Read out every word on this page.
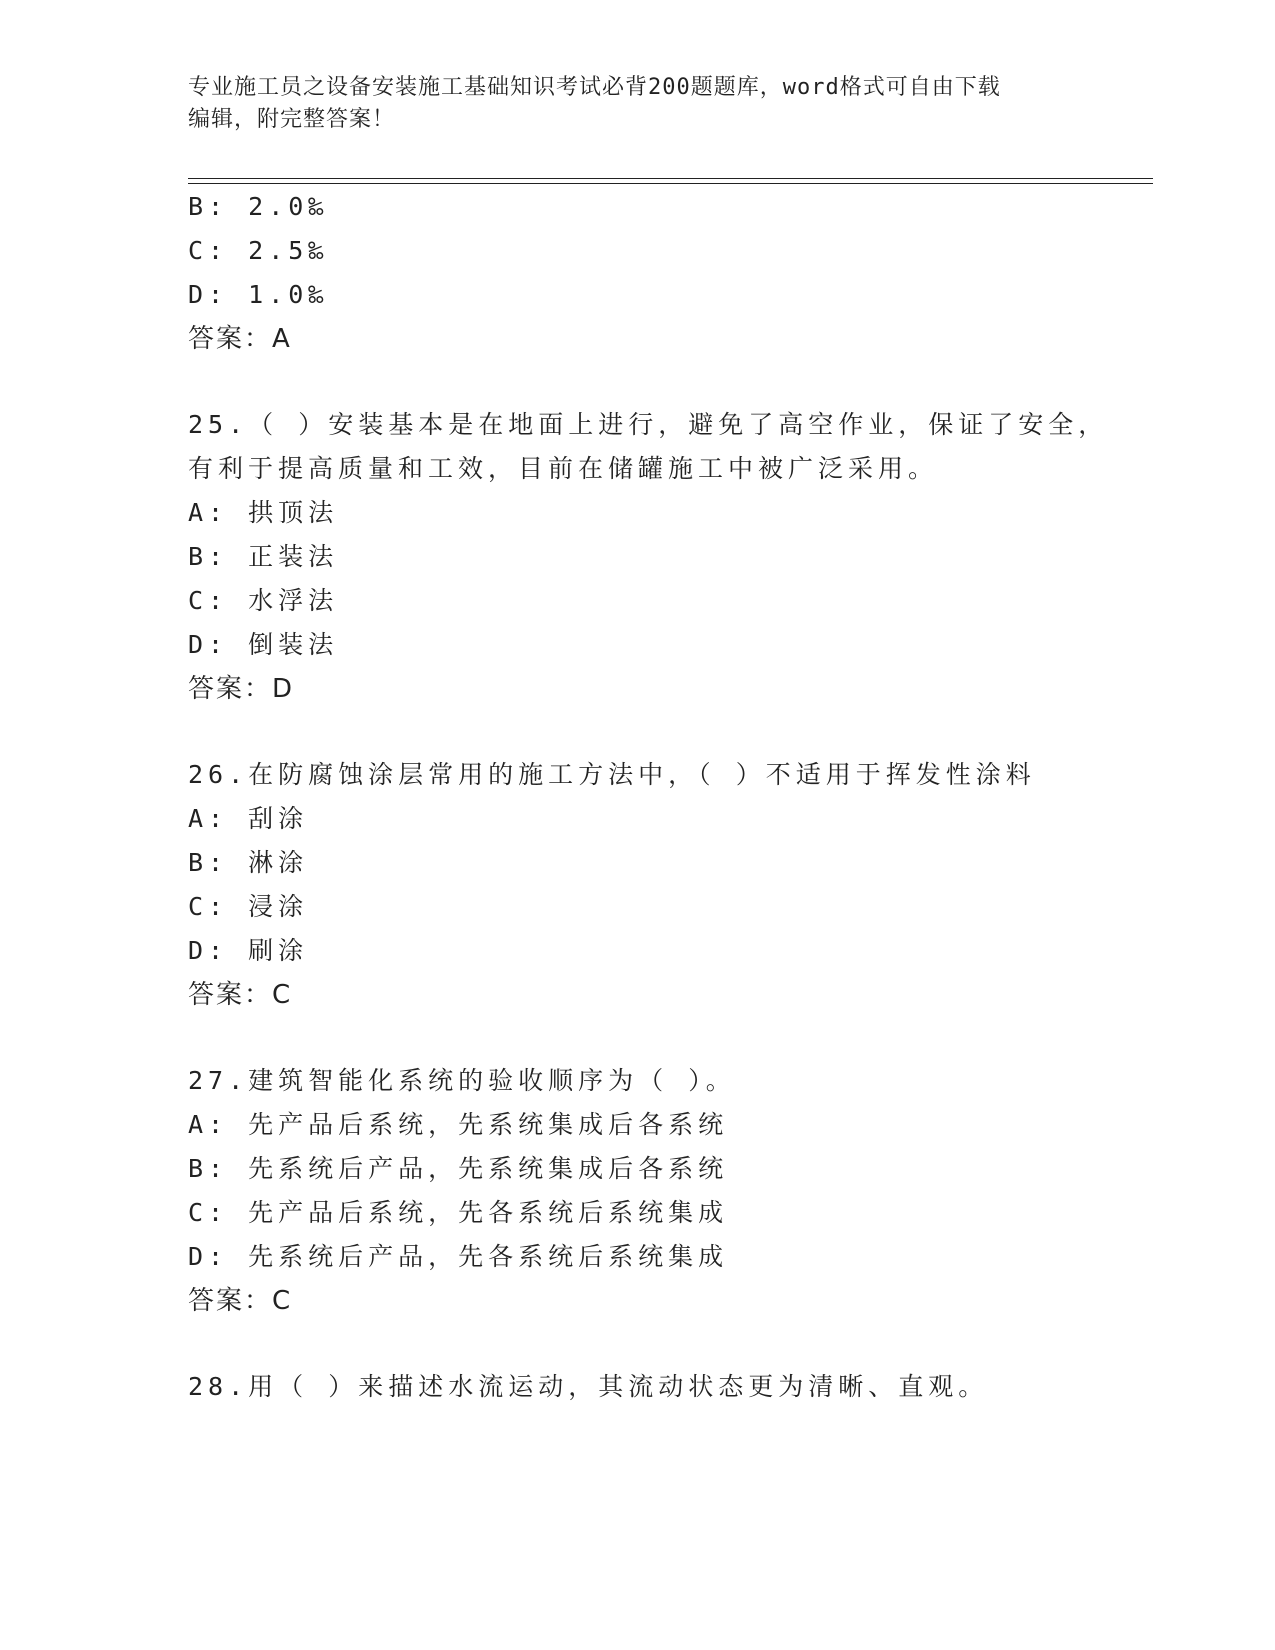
专业施工员之设备安装施工基础知识考试必背200题题库，word格式可自由下载
编辑，附完整答案！
B: 2.0‰
C: 2.5‰
D: 1.0‰
答案：A
25.（ ）安装基本是在地面上进行，避免了高空作业，保证了安全，
有利于提高质量和工效，目前在储罐施工中被广泛采用。
A: 拱顶法
B: 正装法
C: 水浮法
D: 倒装法
答案：D
26.在防腐蚀涂层常用的施工方法中，（ ）不适用于挥发性涂料
A: 刮涂
B: 淋涂
C: 浸涂
D: 刷涂
答案：C
27.建筑智能化系统的验收顺序为（ ）。
A: 先产品后系统，先系统集成后各系统
B: 先系统后产品，先系统集成后各系统
C: 先产品后系统，先各系统后系统集成
D: 先系统后产品，先各系统后系统集成
答案：C
28.用（ ）来描述水流运动，其流动状态更为清晰、直观。
